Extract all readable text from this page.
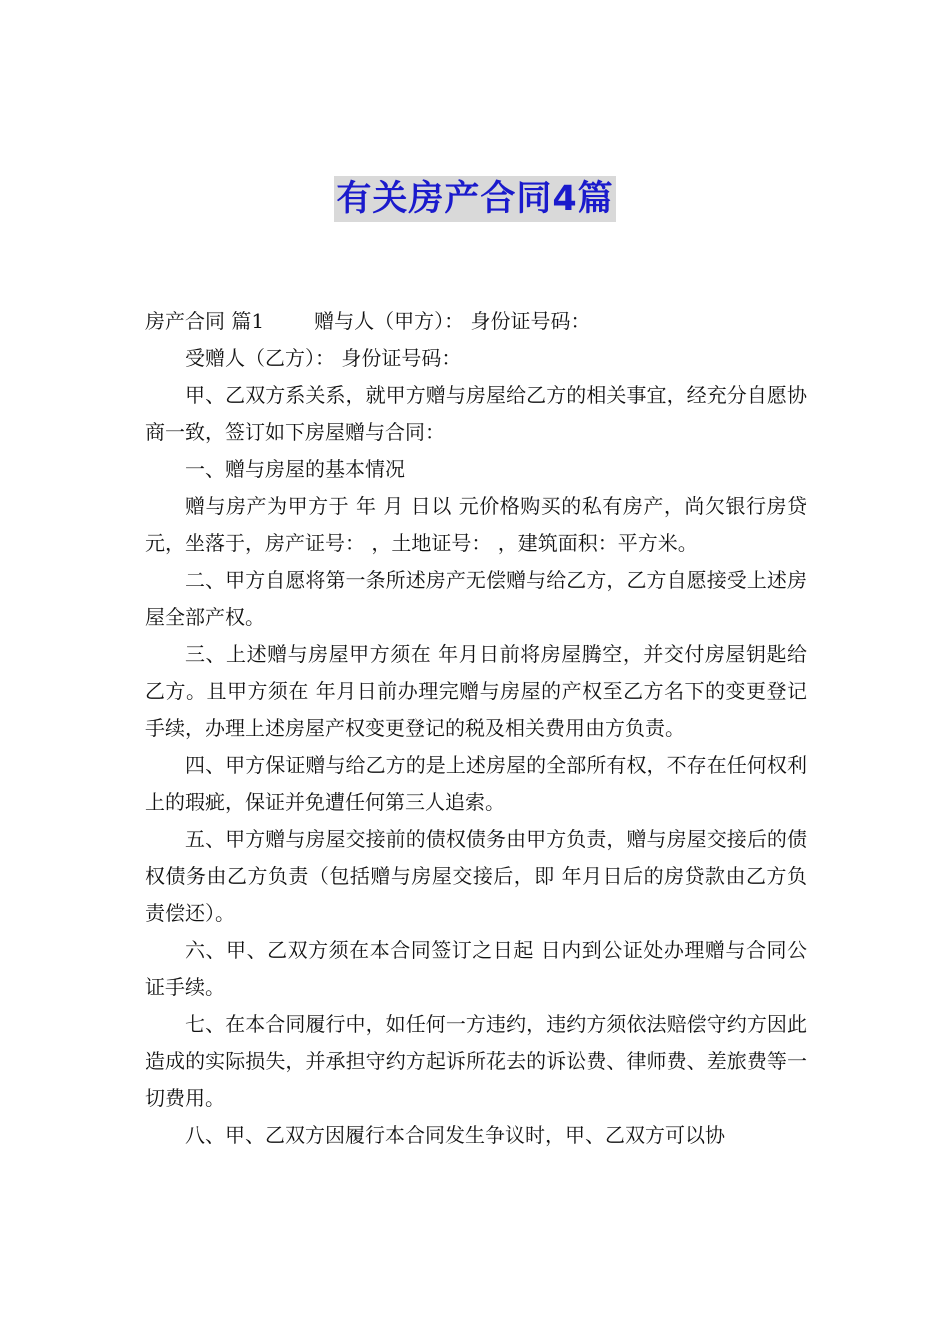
有关房产合同4篇

房产合同 篇1	赠与人（甲方）： 身份证号码：

受赠人（乙方）： 身份证号码：

甲、乙双方系关系，就甲方赠与房屋给乙方的相关事宜，经充分自愿协商一致，签订如下房屋赠与合同：

一、赠与房屋的基本情况

赠与房产为甲方于 年 月 日以 元价格购买的私有房产，尚欠银行房贷 元，坐落于，房产证号： ，土地证号： ，建筑面积：平方米。

二、甲方自愿将第一条所述房产无偿赠与给乙方，乙方自愿接受上述房屋全部产权。

三、上述赠与房屋甲方须在 年月日前将房屋腾空，并交付房屋钥匙给乙方。且甲方须在 年月日前办理完赠与房屋的产权至乙方名下的变更登记手续，办理上述房屋产权变更登记的税及相关费用由方负责。

四、甲方保证赠与给乙方的是上述房屋的全部所有权，不存在任何权利上的瑕疵，保证并免遭任何第三人追索。

五、甲方赠与房屋交接前的债权债务由甲方负责，赠与房屋交接后的债权债务由乙方负责（包括赠与房屋交接后，即 年月日后的房贷款由乙方负责偿还）。

六、甲、乙双方须在本合同签订之日起 日内到公证处办理赠与合同公证手续。

七、在本合同履行中，如任何一方违约，违约方须依法赔偿守约方因此造成的实际损失，并承担守约方起诉所花去的诉讼费、律师费、差旅费等一切费用。

八、甲、乙双方因履行本合同发生争议时，甲、乙双方可以协
